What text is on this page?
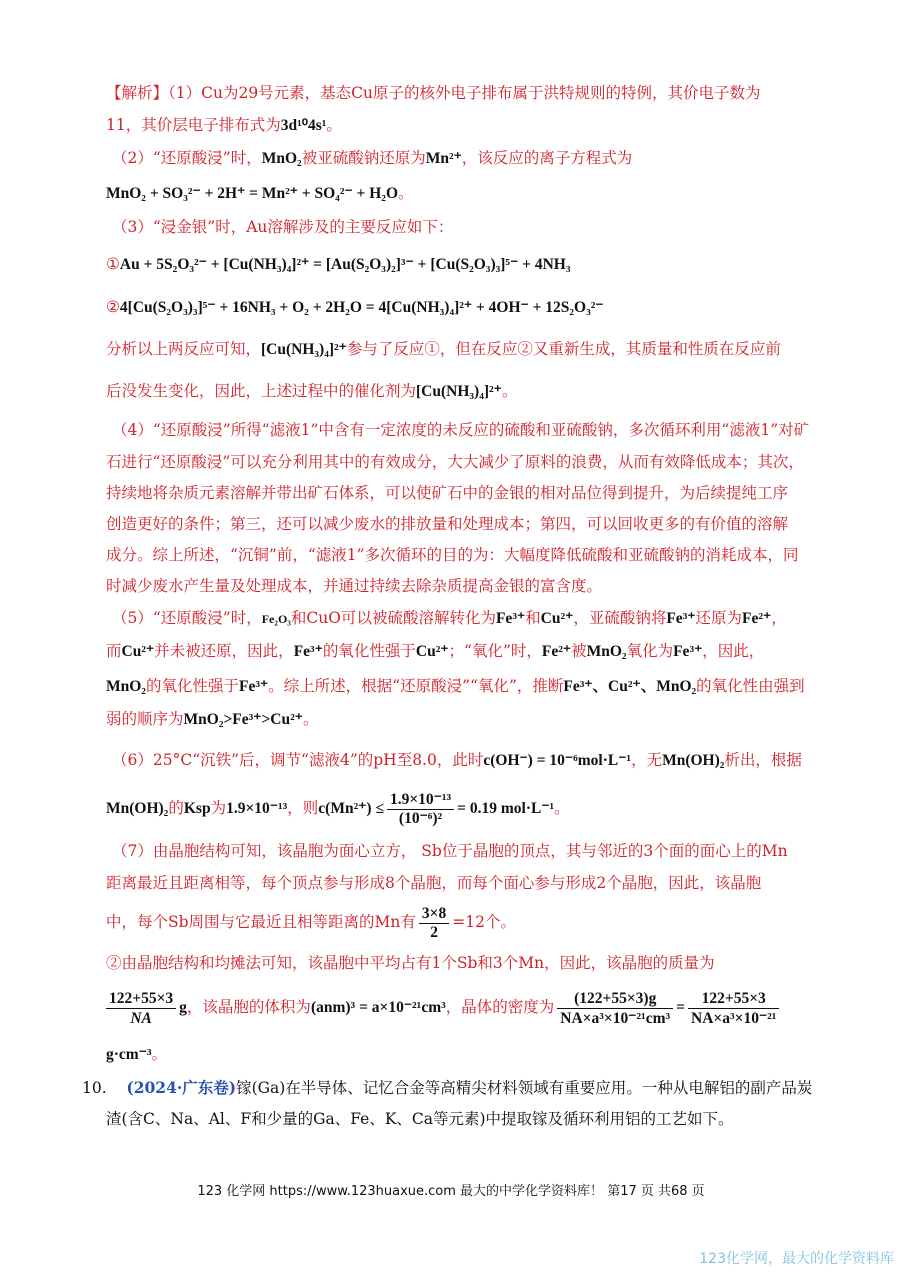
【解析】（1）Cu为29号元素，基态Cu原子的核外电子排布属于洪特规则的特例，其价电子数为
11，其价层电子排布式为3d¹⁰4s¹。
（2）“还原酸浸”时，MnO₂被亚硫酸钠还原为Mn²⁺，该反应的离子方程式为
MnO₂ + SO₃²⁻ + 2H⁺ = Mn²⁺ + SO₄²⁻ + H₂O。
（3）“浸金银”时，Au溶解涉及的主要反应如下：
①Au + 5S₂O₃²⁻ + [Cu(NH₃)₄]²⁺ = [Au(S₂O₃)₂]³⁻ + [Cu(S₂O₃)₃]⁵⁻ + 4NH₃
②4[Cu(S₂O₃)₃]⁵⁻ + 16NH₃ + O₂ + 2H₂O = 4[Cu(NH₃)₄]²⁺ + 4OH⁻ + 12S₂O₃²⁻
分析以上两反应可知，[Cu(NH₃)₄]²⁺参与了反应①，但在反应②又重新生成，其质量和性质在反应前
后没发生变化，因此，上述过程中的催化剂为[Cu(NH₃)₄]²⁺。
（4）“还原酸浸”所得“滤液1”中含有一定浓度的未反应的硫酸和亚硫酸钠，多次循环利用“滤液1”对矿
石进行“还原酸浸”可以充分利用其中的有效成分，大大减少了原料的浪费，从而有效降低成本；其次，
持续地将杂质元素溶解并带出矿石体系，可以使矿石中的金银的相对品位得到提升，为后续提纯工序
创造更好的条件；第三，还可以减少废水的排放量和处理成本；第四，可以回收更多的有价值的溶解
成分。综上所述，“沉铜”前，“滤液1”多次循环的目的为：大幅度降低硫酸和亚硫酸钠的消耗成本，同
时减少废水产生量及处理成本，并通过持续去除杂质提高金银的富含度。
（5）“还原酸浸”时，Fe₂O₃和CuO可以被硫酸溶解转化为Fe³⁺和Cu²⁺，亚硫酸钠将Fe³⁺还原为Fe²⁺，
而Cu²⁺并未被还原，因此，Fe³⁺的氧化性强于Cu²⁺；“氧化”时，Fe²⁺被MnO₂氧化为Fe³⁺，因此，
MnO₂的氧化性强于Fe³⁺。综上所述，根据“还原酸浸”“氧化”，推断Fe³⁺、Cu²⁺、MnO₂的氧化性由强到
弱的顺序为MnO₂>Fe³⁺>Cu²⁺。
（6）25°C“沉铁”后，调节“滤液4”的pH至8.0，此时c(OH⁻) = 10⁻⁶mol·L⁻¹，无Mn(OH)₂析出，根据
Mn(OH)₂的Ksp为1.9×10⁻¹³，则$c(Mn^{2+}) \le \frac{\text{1.9×10⁻¹³}}{\text{(10⁻⁶)²}} = 0.19$ mol·L⁻¹。
（7）由晶胞结构可知，该晶胞为面心立方， Sb位于晶胞的顶点，其与邻近的3个面的面心上的Mn
距离最近且距离相等，每个顶点参与形成8个晶胞，而每个面心参与形成2个晶胞，因此，该晶胞
中，每个Sb周围与它最近且相等距离的Mn有 $\frac{3\times 8}{2} =12$个。
②由晶胞结构和均摊法可知，该晶胞中平均占有1个Sb和3个Mn，因此，该晶胞的质量为
$\frac{122+55\times 3}{NA}$ g，该晶胞的体积为(anm)³ = a×10⁻²¹cm³，晶体的密度为 $\frac{(122+55\times 3)g}{\text{NA×a³×10⁻²¹cm³}} = \frac{122+55\times 3}{\text{NA×a³×10⁻²¹}}$
g·cm⁻³。
10. (2024·广东卷)镓(Ga)在半导体、记忆合金等高精尖材料领域有重要应用。一种从电解铝的副产品炭
渣(含C、Na、Al、F和少量的Ga、Fe、K、Ca等元素)中提取镓及循环利用铝的工艺如下。
123 化学网 https://www.123huaxue.com 最大的中学化学资料库！ 第17 页 共68 页
123化学网，最大的化学资料库
